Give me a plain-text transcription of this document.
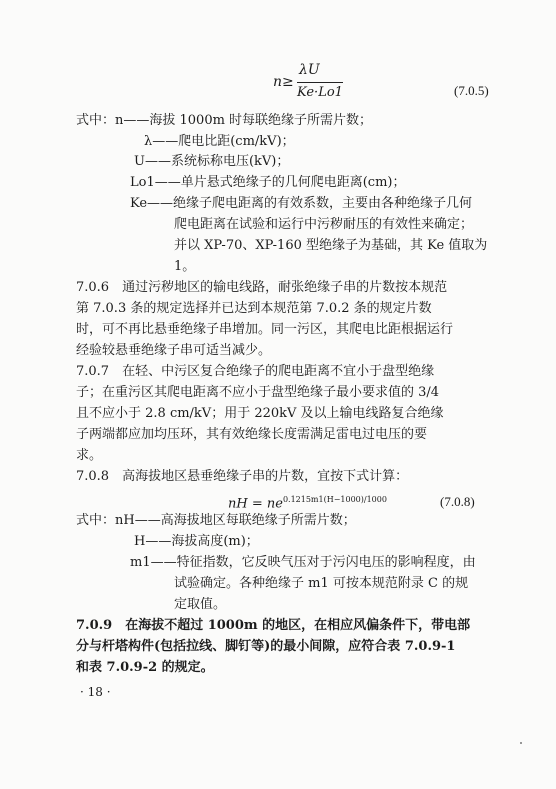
n≥
λU
Ke·Lo1	(7.0.5)
式中：n——海拔 1000m 时每联绝缘子所需片数；
λ——爬电比距(cm/kV)；
U——系统标称电压(kV)；
Lo1——单片悬式绝缘子的几何爬电距离(cm)；
Ke——绝缘子爬电距离的有效系数，主要由各种绝缘子几何
爬电距离在试验和运行中污秽耐压的有效性来确定；
并以 XP-70、XP-160 型绝缘子为基础，其 Ke 值取为
1。
7.0.6　通过污秽地区的输电线路，耐张绝缘子串的片数按本规范
第 7.0.3 条的规定选择并已达到本规范第 7.0.2 条的规定片数
时，可不再比悬垂绝缘子串增加。同一污区，其爬电比距根据运行
经验较悬垂绝缘子串可适当减少。
7.0.7　在轻、中污区复合绝缘子的爬电距离不宜小于盘型绝缘
子；在重污区其爬电距离不应小于盘型绝缘子最小要求值的 3/4
且不应小于 2.8 cm/kV；用于 220kV 及以上输电线路复合绝缘
子两端都应加均压环，其有效绝缘长度需满足雷电过电压的要
求。
7.0.8　高海拔地区悬垂绝缘子串的片数，宜按下式计算：
nH = $ne^{0.1215m1(H-1000)/1000}$	(7.0.8)
式中：nH——高海拔地区每联绝缘子所需片数；
H——海拔高度(m)；
m1——特征指数，它反映气压对于污闪电压的影响程度，由
试验确定。各种绝缘子 m1 可按本规范附录 C 的规
定取值。
7.0.9　在海拔不超过 1000m 的地区，在相应风偏条件下，带电部
分与杆塔构件(包括拉线、脚钉等)的最小间隙，应符合表 7.0.9-1
和表 7.0.9-2 的规定。
· 18 ·
